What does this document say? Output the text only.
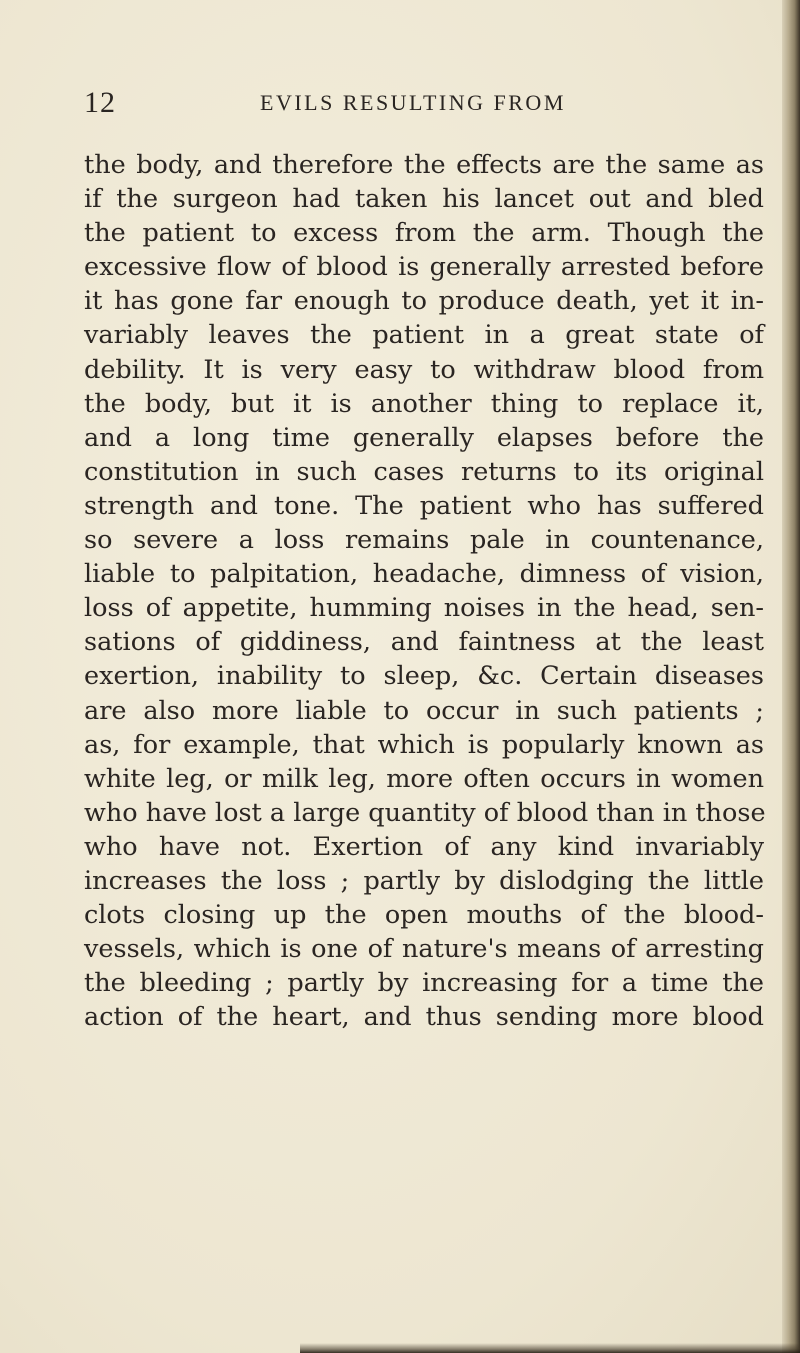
12	EVILS RESULTING FROM
the body, and therefore the effects are the same as
if the surgeon had taken his lancet out and bled
the patient to excess from the arm. Though the
excessive flow of blood is generally arrested before
it has gone far enough to produce death, yet it in-
variably leaves the patient in a great state of
debility. It is very easy to withdraw blood from
the body, but it is another thing to replace it,
and a long time generally elapses before the
constitution in such cases returns to its original
strength and tone. The patient who has suffered
so severe a loss remains pale in countenance,
liable to palpitation, headache, dimness of vision,
loss of appetite, humming noises in the head, sen-
sations of giddiness, and faintness at the least
exertion, inability to sleep, &c. Certain diseases
are also more liable to occur in such patients ;
as, for example, that which is popularly known as
white leg, or milk leg, more often occurs in women
who have lost a large quantity of blood than in those
who have not. Exertion of any kind invariably
increases the loss ; partly by dislodging the little
clots closing up the open mouths of the blood-
vessels, which is one of nature's means of arresting
the bleeding ; partly by increasing for a time the
action of the heart, and thus sending more blood
